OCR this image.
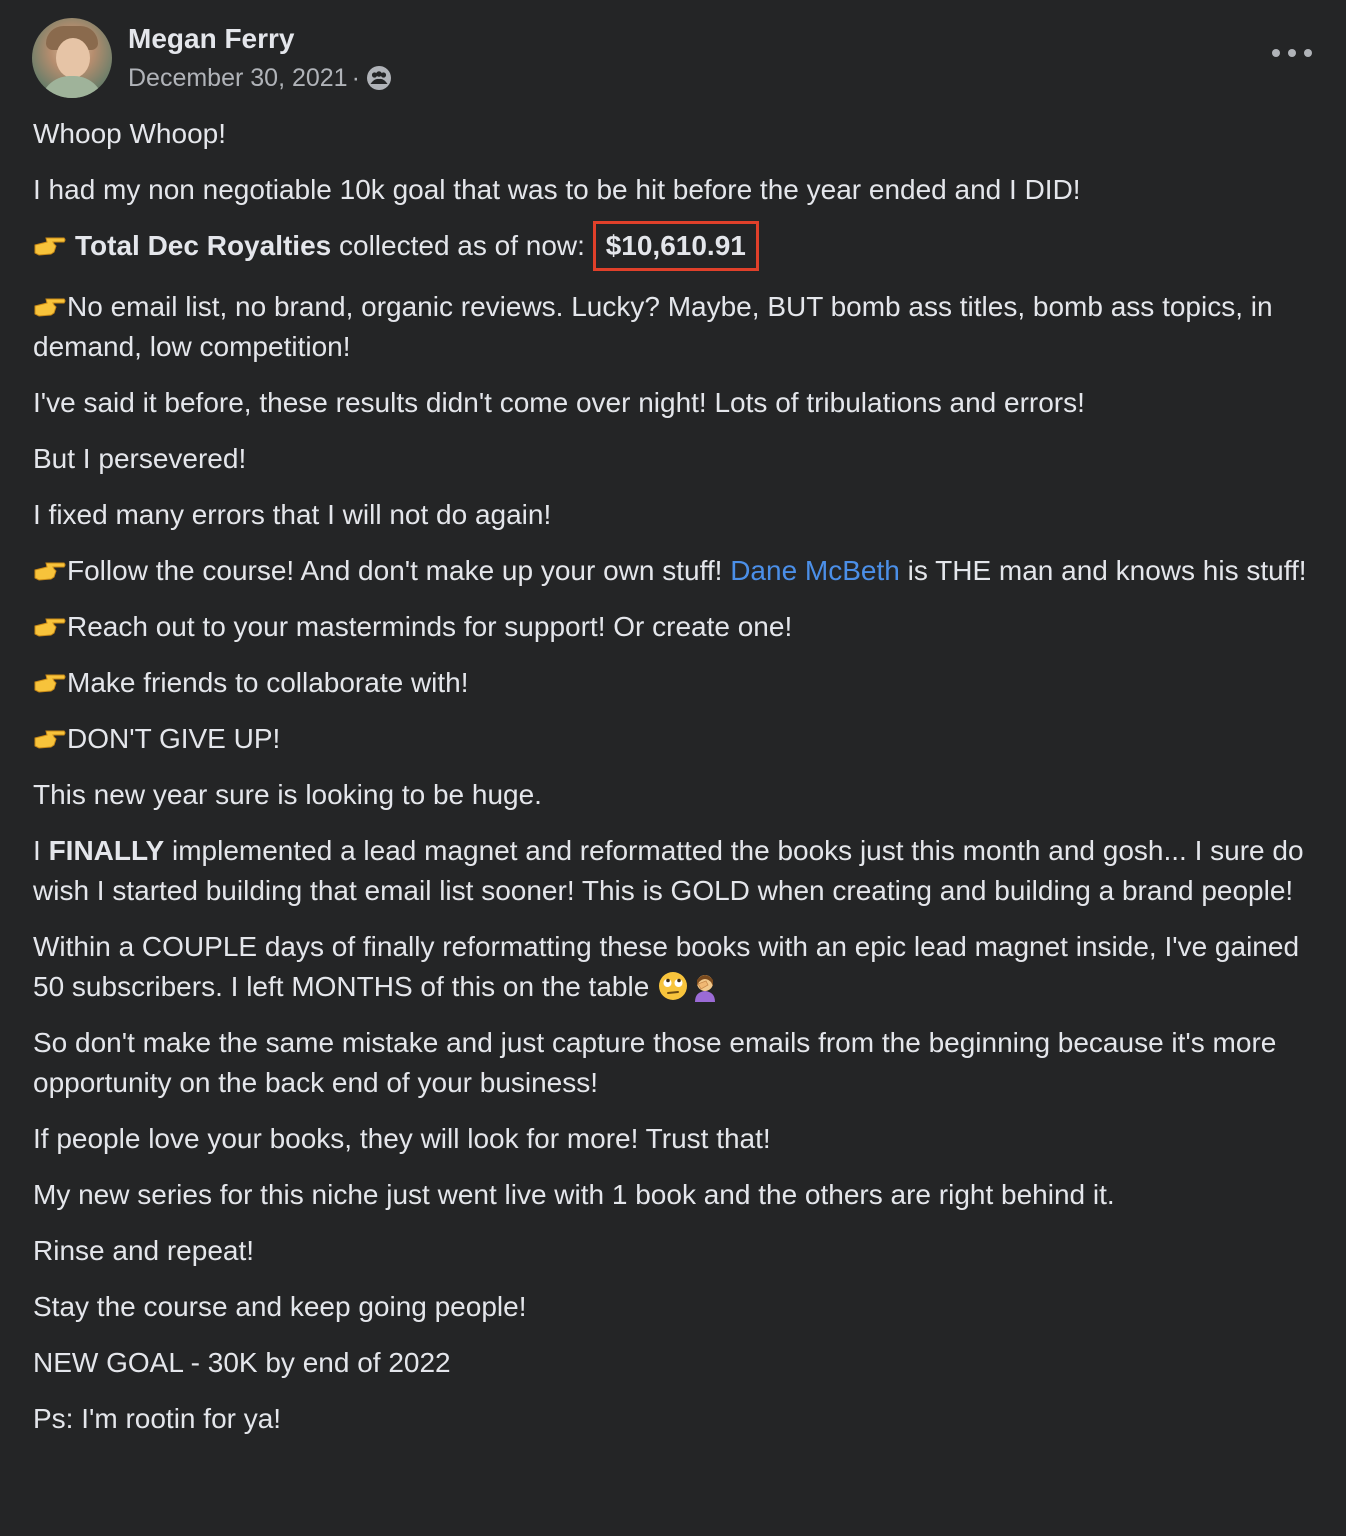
Megan Ferry
December 30, 2021 ·

Whoop Whoop!

I had my non negotiable 10k goal that was to be hit before the year ended and I DID!

Total Dec Royalties collected as of now: $10,610.91

No email list, no brand, organic reviews. Lucky? Maybe, BUT bomb ass titles, bomb ass topics, in demand, low competition!

I've said it before, these results didn't come over night! Lots of tribulations and errors!

But I persevered!

I fixed many errors that I will not do again!

Follow the course! And don't make up your own stuff! Dane McBeth is THE man and knows his stuff!

Reach out to your masterminds for support! Or create one!

Make friends to collaborate with!

DON'T GIVE UP!

This new year sure is looking to be huge.

I FINALLY implemented a lead magnet and reformatted the books just this month and gosh... I sure do wish I started building that email list sooner! This is GOLD when creating and building a brand people!

Within a COUPLE days of finally reformatting these books with an epic lead magnet inside, I've gained 50 subscribers. I left MONTHS of this on the table

So don't make the same mistake and just capture those emails from the beginning because it's more opportunity on the back end of your business!

If people love your books, they will look for more! Trust that!

My new series for this niche just went live with 1 book and the others are right behind it.

Rinse and repeat!

Stay the course and keep going people!

NEW GOAL - 30K by end of 2022

Ps: I'm rootin for ya!
